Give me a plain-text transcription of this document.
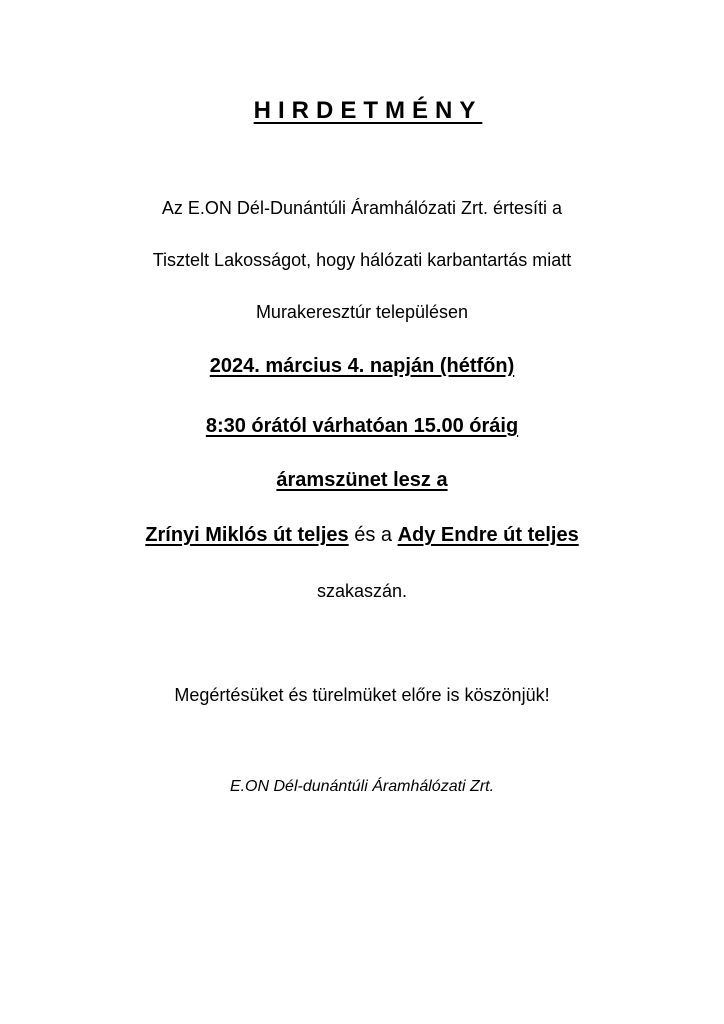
HIRDETMÉNY
Az E.ON Dél-Dunántúli Áramhálózati Zrt. értesíti a
Tisztelt Lakosságot, hogy hálózati karbantartás miatt
Murakeresztúr településen
2024. március 4. napján (hétfőn)
8:30 órától várhatóan 15.00 óráig
áramszünet lesz a
Zrínyi Miklós út teljes és a Ady Endre út teljes
szakaszán.
Megértésüket és türelmüket előre is köszönjük!
E.ON Dél-dunántúli Áramhálózati Zrt.
